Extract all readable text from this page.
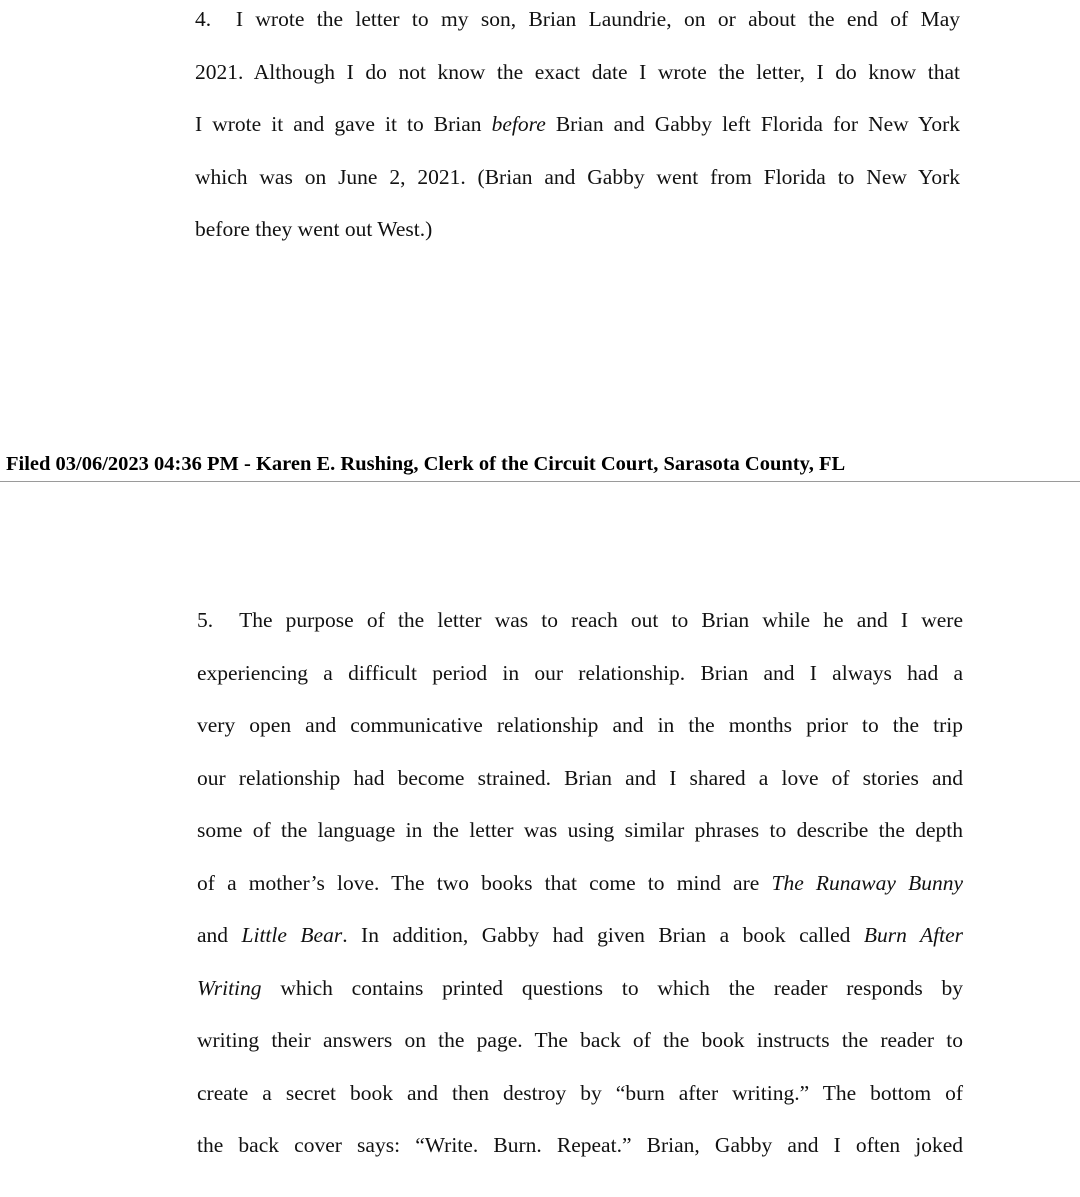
4. I wrote the letter to my son, Brian Laundrie, on or about the end of May
2021. Although I do not know the exact date I wrote the letter, I do know that
I wrote it and gave it to Brian before Brian and Gabby left Florida for New York
which was on June 2, 2021. (Brian and Gabby went from Florida to New York
before they went out West.)

Filed 03/06/2023 04:36 PM - Karen E. Rushing, Clerk of the Circuit Court, Sarasota County, FL

5. The purpose of the letter was to reach out to Brian while he and I were
experiencing a difficult period in our relationship. Brian and I always had a
very open and communicative relationship and in the months prior to the trip
our relationship had become strained. Brian and I shared a love of stories and
some of the language in the letter was using similar phrases to describe the depth
of a mother’s love. The two books that come to mind are The Runaway Bunny
and Little Bear. In addition, Gabby had given Brian a book called Burn After
Writing which contains printed questions to which the reader responds by
writing their answers on the page. The back of the book instructs the reader to
create a secret book and then destroy by “burn after writing.” The bottom of
the back cover says: “Write. Burn. Repeat.” Brian, Gabby and I often joked
